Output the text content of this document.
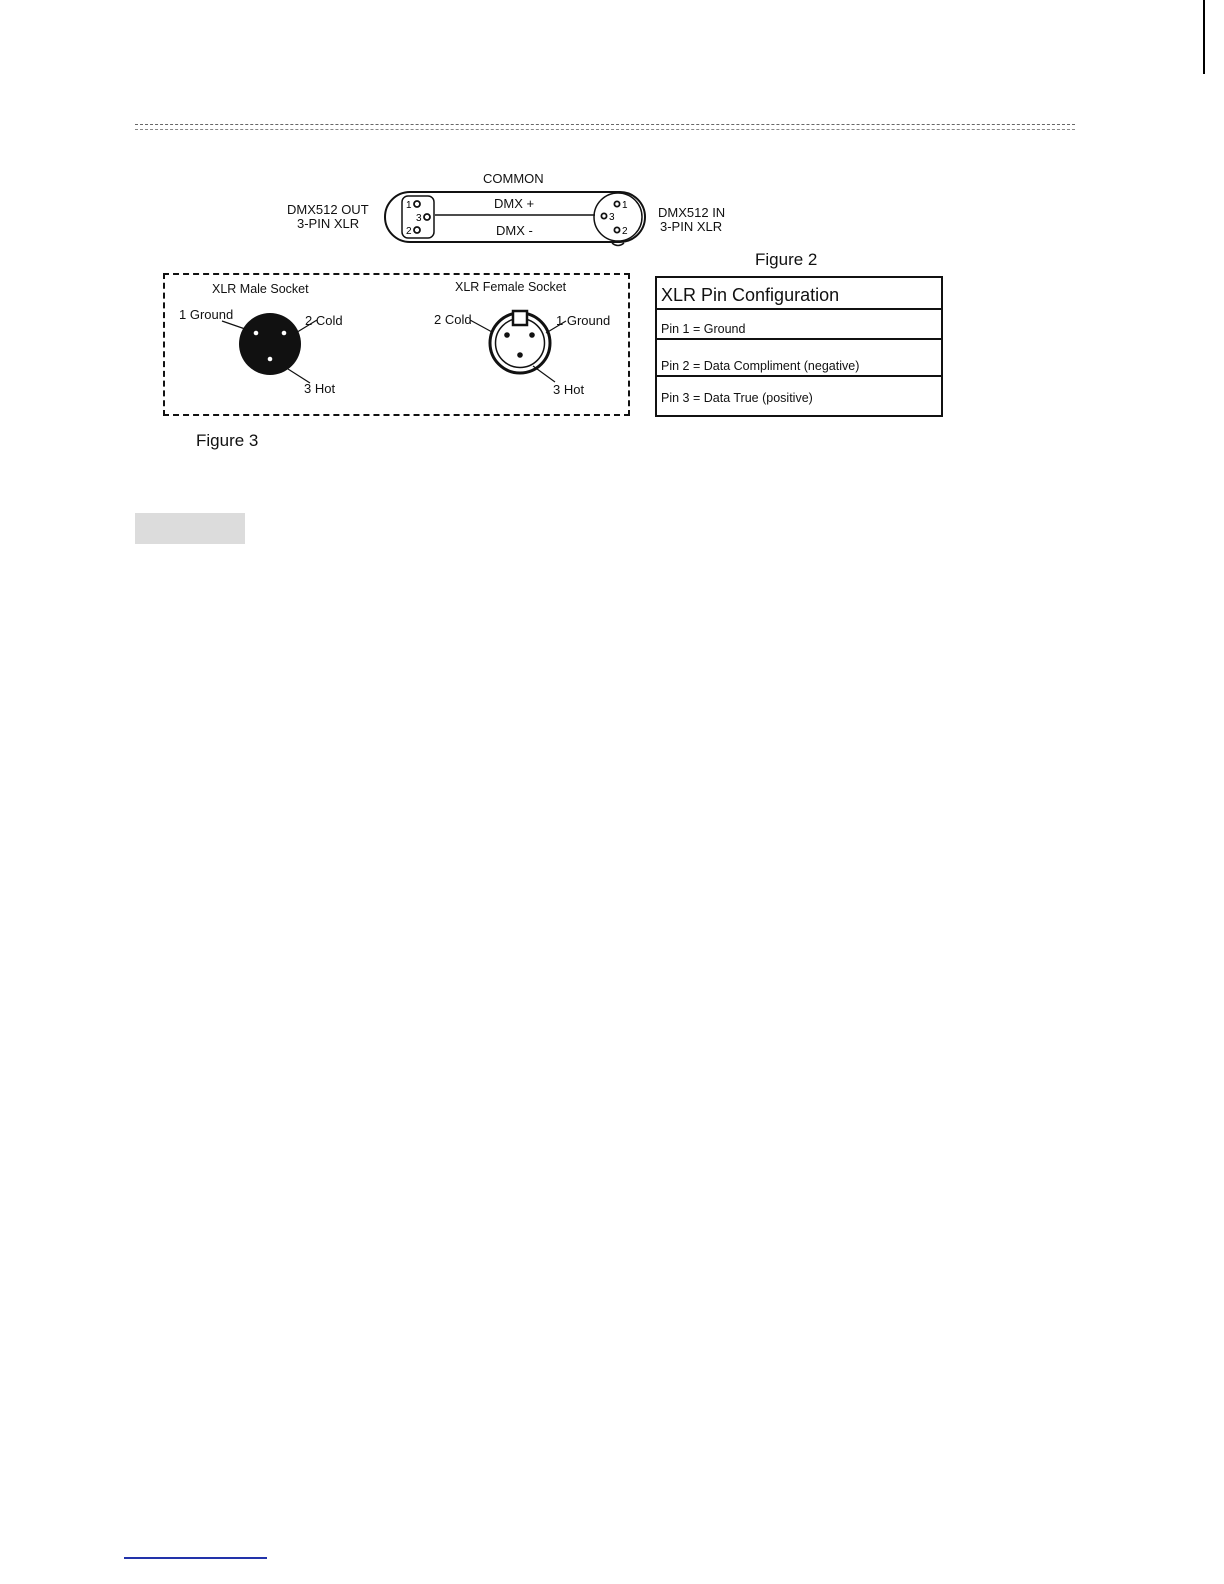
1
3
2
1
3
2
COMMON
DMX +
DMX -
DMX512 OUT
3-PIN XLR
DMX512 IN
3-PIN XLR
Figure 2
XLR Male Socket	XLR Female Socket
1 Ground	2 Cold
3 Hot
2 Cold	1 Ground
3 Hot
Figure 3
XLR Pin Configuration
Pin 1 = Ground
Pin 2 = Data Compliment (negative)
Pin 3 = Data True (positive)
